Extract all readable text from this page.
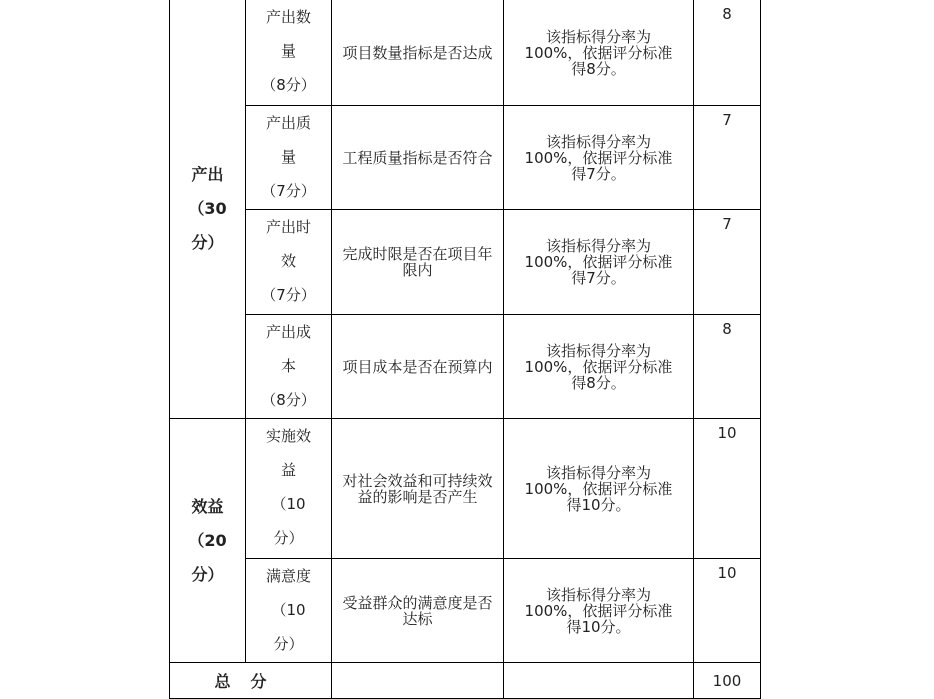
产出
（30
分）	产出数
量
（8分）	项目数量指标是否达成	该指标得分率为
100%，依据评分标准
得8分。	8

	产出质
量
（7分）	工程质量指标是否符合	该指标得分率为
100%，依据评分标准
得7分。	7

	产出时
效
（7分）	完成时限是否在项目年限内	该指标得分率为
100%，依据评分标准
得7分。	7

	产出成
本
（8分）	项目成本是否在预算内	该指标得分率为
100%，依据评分标准
得8分。	8

效益
（20
分）	实施效
益
（10
分）	对社会效益和可持续效益的影响是否产生	该指标得分率为
100%，依据评分标准
得10分。	10

	满意度
（10
分）	受益群众的满意度是否达标	该指标得分率为
100%，依据评分标准
得10分。	10
总分				100
